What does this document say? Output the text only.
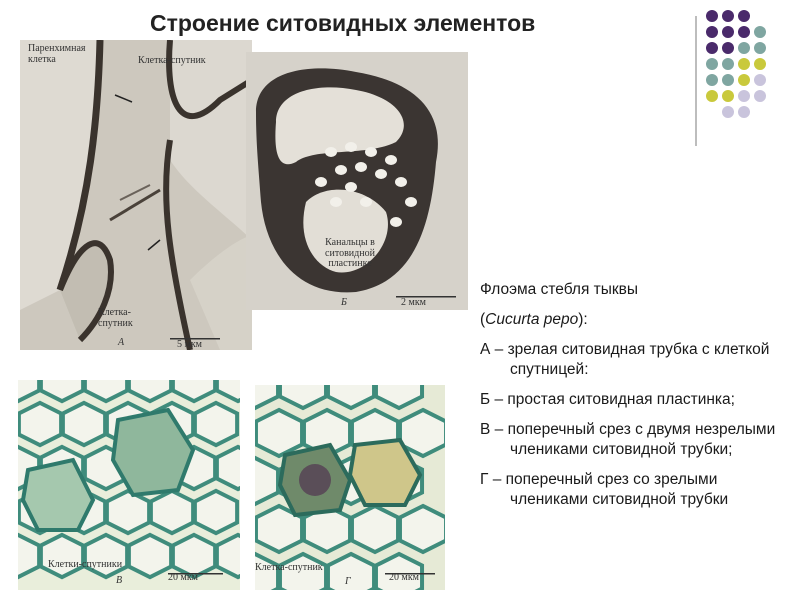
Строение ситовидных элементов
Паренхимная клетка	Клетка-спутник
Клетка-спутник
5 мкм
А
Канальцы в ситовидной пластинке
2 мкм
Б
Клетки-спутники
20 мкм
В
Клетка-спутник
20 мкм
Г

Флоэма стебля тыквы

(Cucurta pepo):

А – зрелая ситовидная трубка с клеткой спутницей:

Б – простая ситовидная пластинка;

В – поперечный срез с двумя незрелыми члениками ситовидной трубки;

Г – поперечный срез со зрелыми члениками ситовидной трубки
